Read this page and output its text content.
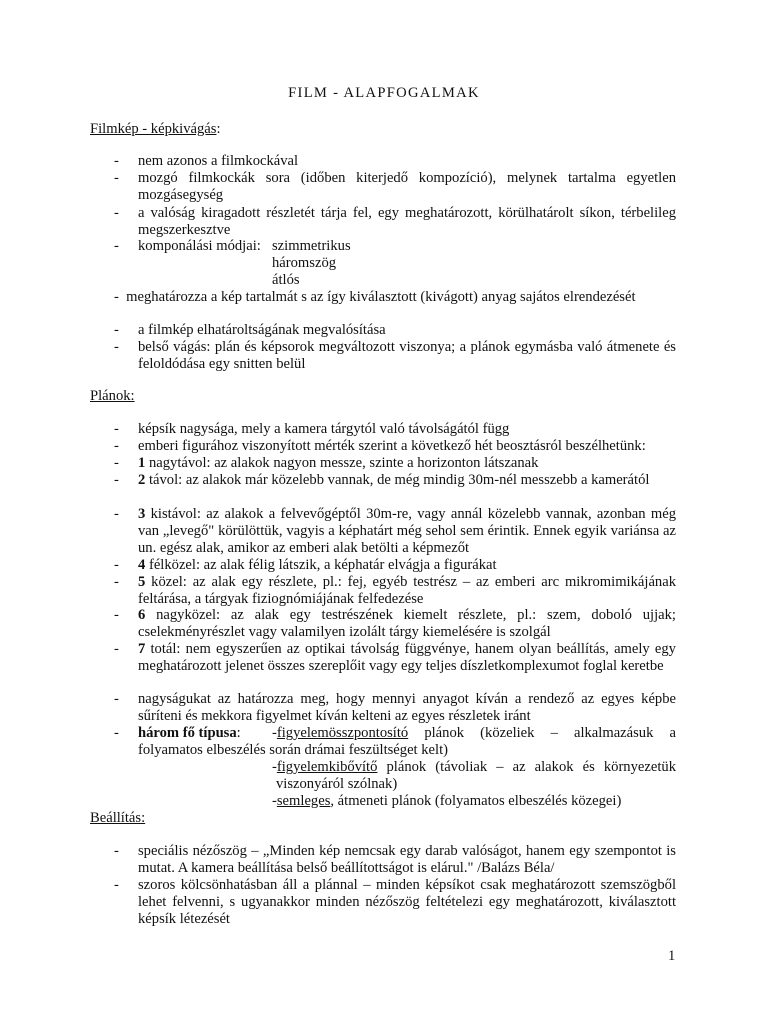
FILM - ALAPFOGALMAK
Filmkép - képkivágás:
-	nem azonos a filmkockával
-	mozgó filmkockák sora (időben kiterjedő kompozíció), melynek tartalma egyetlen mozgásegység
-	a valóság kiragadott részletét tárja fel, egy meghatározott, körülhatárolt síkon, térbelileg megszerkesztve
-	komponálási módjai: szimmetrikus
háromszög
átlós
- meghatározza a kép tartalmát s az így kiválasztott (kivágott) anyag sajátos elrendezését
-	a filmkép elhatároltságának megvalósítása
-	belső vágás: plán és képsorok megváltozott viszonya; a plánok egymásba való átmenete és feloldódása egy snitten belül
Plánok:
-	képsík nagysága, mely a kamera tárgytól való távolságától függ
-	emberi figurához viszonyított mérték szerint a következő hét beosztásról beszélhetünk:
-	1 nagytávol: az alakok nagyon messze, szinte a horizonton látszanak
-	2 távol: az alakok már közelebb vannak, de még mindig 30m-nél messzebb a kamerától
-	3 kistávol: az alakok a felvevőgéptől 30m-re, vagy annál közelebb vannak, azonban még van „levegő" körülöttük, vagyis a képhatárt még sehol sem érintik. Ennek egyik variánsa az un. egész alak, amikor az emberi alak betölti a képmezőt
-	4 félközel: az alak félig látszik, a képhatár elvágja a figurákat
-	5 közel: az alak egy részlete, pl.: fej, egyéb testrész – az emberi arc mikromimikájának feltárása, a tárgyak fiziognómiájának felfedezése
-	6 nagyközel: az alak egy testrészének kiemelt részlete, pl.: szem, doboló ujjak; cselekményrészlet vagy valamilyen izolált tárgy kiemelésére is szolgál
-	7 totál: nem egyszerűen az optikai távolság függvénye, hanem olyan beállítás, amely egy meghatározott jelenet összes szereplőit vagy egy teljes díszletkomplexumot foglal keretbe
-	nagyságukat az határozza meg, hogy mennyi anyagot kíván a rendező az egyes képbe sűríteni és mekkora figyelmet kíván kelteni az egyes részletek iránt
- három fő típusa: -figyelemösszpontosító plánok (közeliek – alkalmazásuk a
folyamatos elbeszélés során drámai feszültséget kelt)
-figyelemkibővítő plánok (távoliak – az alakok és környezetük
viszonyáról szólnak)
-semleges, átmeneti plánok (folyamatos elbeszélés közegei)
Beállítás:
-	speciális nézőszög – „Minden kép nemcsak egy darab valóságot, hanem egy szempontot is mutat. A kamera beállítása belső beállítottságot is elárul." /Balázs Béla/
-	szoros kölcsönhatásban áll a plánnal – minden képsíkot csak meghatározott szemszögből lehet felvenni, s ugyanakkor minden nézőszög feltételezi egy meghatározott, kiválasztott képsík létezését
1
